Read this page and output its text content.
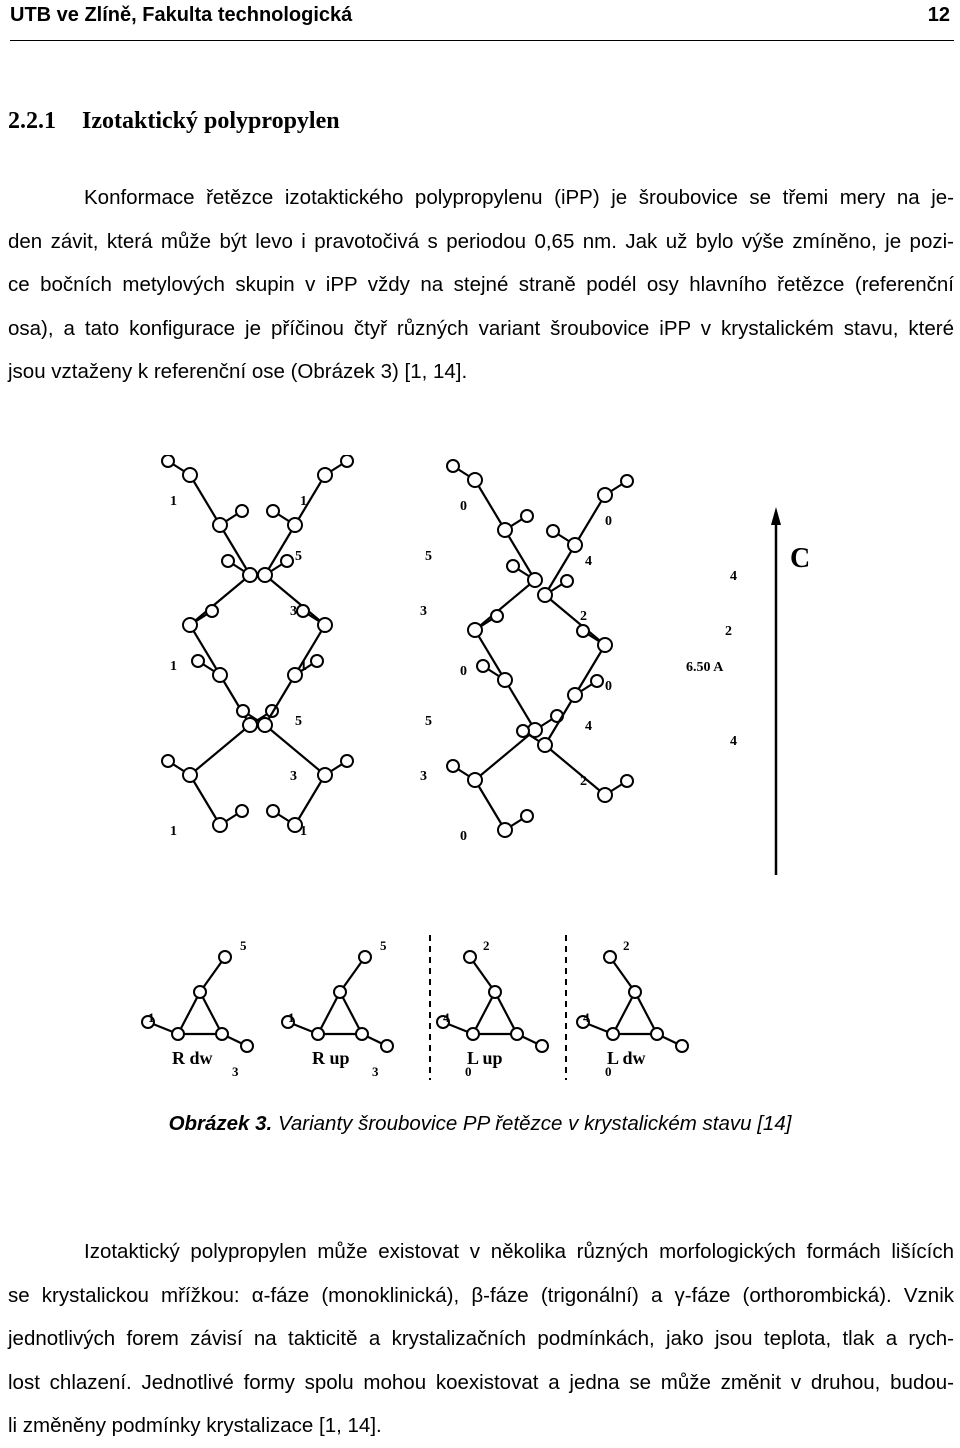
UTB ve Zlíně, Fakulta technologická	12
2.2.1 Izotaktický polypropylen
Konformace řetězce izotaktického polypropylenu (iPP) je šroubovice se třemi mery na je-
den závit, která může být levo i pravotočivá s periodou 0,65 nm. Jak už bylo výše zmíněno, je pozi-
ce bočních metylových skupin v iPP vždy na stejné straně podél osy hlavního řetězce (referenční
osa), a tato konfigurace je příčinou čtyř různých variant šroubovice iPP v krystalickém stavu, které
jsou vztaženy k referenční ose (Obrázek 3) [1, 14].
1
5
3
1
5
3
1
1
5
3
1
5
3
1
0
4
2
0
4
2
0
0
4
2
0
4
R dw
5
1
3
R up
5
1
3
L up
2
4
0
L dw
2
4
0
C
6.50 A
Obrázek 3. Varianty šroubovice PP řetězce v krystalickém stavu [14]
Izotaktický polypropylen může existovat v několika různých morfologických formách lišících
se krystalickou mřížkou: α-fáze (monoklinická), β-fáze (trigonální) a γ-fáze (orthorombická). Vznik
jednotlivých forem závisí na takticitě a krystalizačních podmínkách, jako jsou teplota, tlak a rych-
lost chlazení. Jednotlivé formy spolu mohou koexistovat a jedna se může změnit v druhou, budou-
li změněny podmínky krystalizace [1, 14].
